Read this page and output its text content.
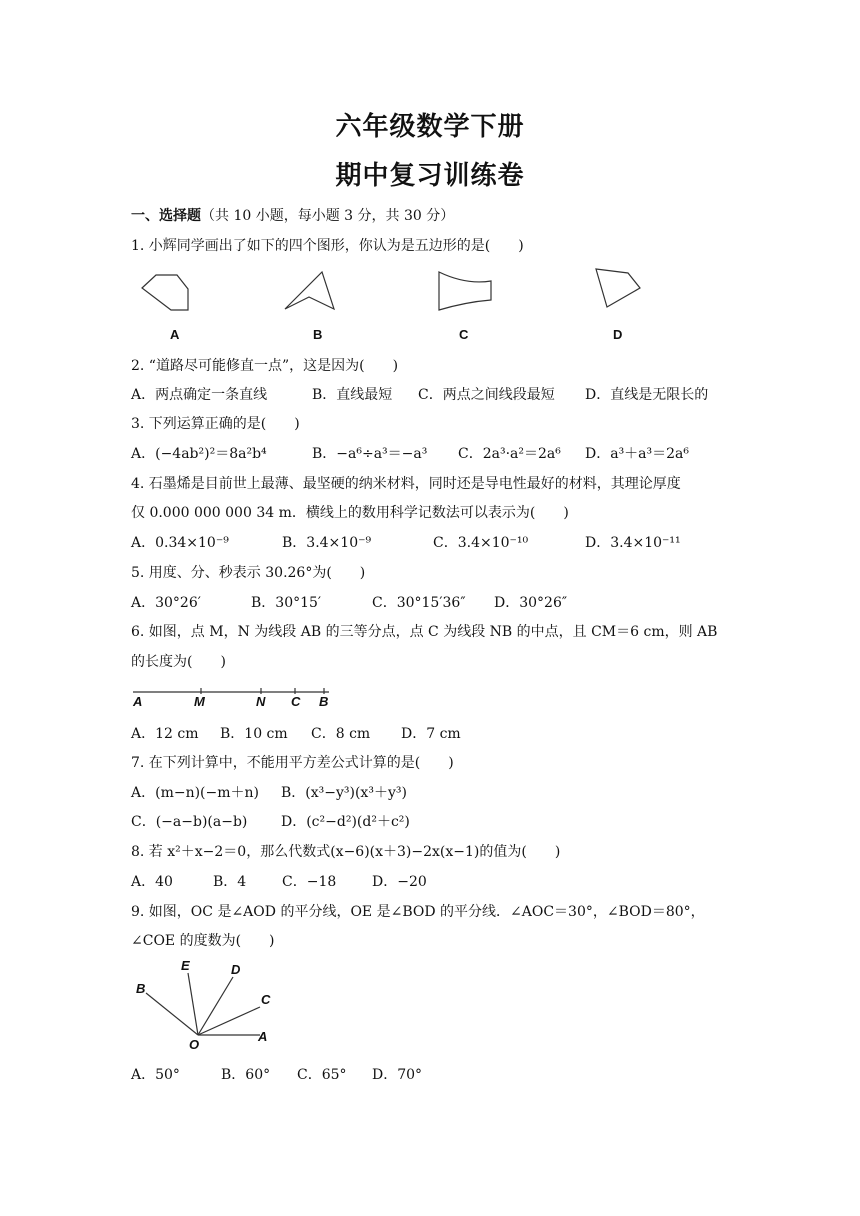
六年级数学下册
期中复习训练卷
一、选择题（共 10 小题，每小题 3 分，共 30 分）
1. 小辉同学画出了如下的四个图形，你认为是五边形的是(　　)
A	B	C	D
2. “道路尽可能修直一点”，这是因为(　　)
A．两点确定一条直线	B．直线最短 C．两点之间线段最短 D．直线是无限长的
3. 下列运算正确的是(　　)
A．(−4ab²)²＝8a²b⁴	B．−a⁶÷a³＝−a³ C．2a³·a²＝2a⁶ D．a³＋a³＝2a⁶
4. 石墨烯是目前世上最薄、最坚硬的纳米材料，同时还是导电性最好的材料，其理论厚度
仅 0.000 000 000 34 m．横线上的数用科学记数法可以表示为(　　)
A．0.34×10⁻⁹	B．3.4×10⁻⁹	C．3.4×10⁻¹⁰	D．3.4×10⁻¹¹
5. 用度、分、秒表示 30.26°为(　　)
A．30°26′	B．30°15′	C．30°15′36″ D．30°26″
6. 如图，点 M，N 为线段 AB 的三等分点，点 C 为线段 NB 的中点，且 CM＝6 cm，则 AB
的长度为(　　)
A	M	N C B
A．12 cm B．10 cm C．8 cm D．7 cm
7. 在下列计算中，不能用平方差公式计算的是(　　)
A．(m−n)(−m＋n) B．(x³−y³)(x³＋y³)
C．(−a−b)(a−b) D．(c²−d²)(d²＋c²)
8. 若 x²＋x−2＝0，那么代数式(x−6)(x＋3)−2x(x−1)的值为(　　)
A．40	B．4	C．−18	D．−20
9. 如图，OC 是∠AOD 的平分线，OE 是∠BOD 的平分线．∠AOC＝30°，∠BOD＝80°，
∠COE 的度数为(　　)
E	D
B
C
A
O
A．50°	B．60° C．65° D．70°
